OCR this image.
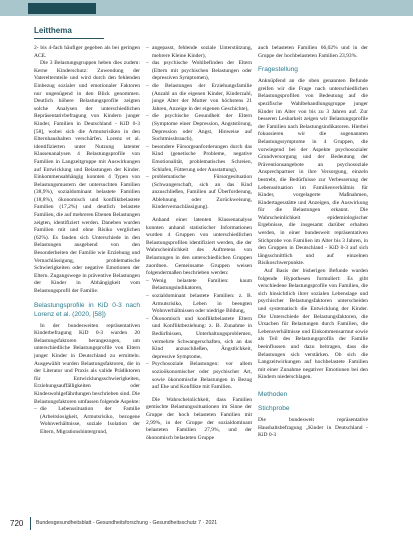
Leitthema

2- bis 4-fach häufiger gegeben als bei geringen ACE.

Die 3 Belastungsgruppen heben dies zudem: Kerne Kinderschutz: Zuwendung der Vaterelternteile und wird durch den fehlenden Einbezug sozialer und emotionaler Faktoren nur ungenügend in den Blick genommen. Deutlich höhere Belastungsprofile zeigten solche Analysen der unterschiedlichen Repräsentativbefragung von Kindern junger Kinder, Familien in Deutschland - KiD 0-3 [58], wobei sich die Armutsrisiken in den Elternhaushalten verschärfen. Lorenz et al. identifizierten unter Nutzung latenter Klassenanalysen 4 Belastungsprofile von Familien in Langzeitgruppe mit Auswirkungen auf Entwicklung und Belastungen der Kinder. Einkommensabhängig konnten 4 Typen von Belastungsmustern der untersuchten Familien (38,9%), sozialdominant belastete Familien (18,8%), ökonomisch und konfliktbelastete Familien (17,2%) und deutlich belastete Familien, die auf mehreren Ebenen Belastungen zeigten, identifiziert werden. Daneben wurden Familien mit und ohne Risiko verglichen (62%). Es fanden sich Unterschiede in den Belastungen ausgehend von den Besonderheiten der Familie wie Erziehung und Vernachlässigung, problematische Schwierigkeiten oder negative Emotionen der Eltern. Zugangswege in präventive Belastungen der Kinder in Abhängigkeit vom Belastungsprofil der Familie.

Belastungsprofile in KiD 0-3 nach Lorenz et al. (2020, [58])

In der bundesweiten repräsentativen Kinderbefragung KiD 0-3 wurden 20 Belastungsfaktoren herangezogen, um unterschiedliche Belastungsprofile von Eltern junger Kinder in Deutschland zu ermitteln. Ausgewählt wurden Belastungsfaktoren, die in der Literatur und Praxis als valide Prädiktoren für Entwicklungsschwierigkeiten, Erziehungsauffälligkeiten oder Kindeswohlgefährdungen beschrieben sind. Die Belastungsfaktoren umfassen folgende Aspekte:

– die Lebenssituation der Familie (Arbeitslosigkeit, Armutsrisiko, bezogene Wohnverhältnisse, soziale Isolation der Eltern, Migrationshintergrund,
– angepasst, fehlende soziale Unterstützung, mehrere Kleine Kinder),
– das psychische Wohlbefinden der Eltern (Eltern mit psychischen Belastungen oder depressiven Symptomen),
– die Belastungen der Erziehungsfamilie (Anzahl an die eigenen Kinder, Kinderzahl, junge Alter der Mutter von höchstens 21 Jahren, Anzeige in der eigenen Geschichte),
– die psychische Gesundheit der Eltern (Symptome einer Depression, Angststörung, Depression oder Angst, Hinweise auf Suchtmissbrauch),
– besondere Fürsorgeanforderungen durch das Kind (genetische Probleme, negative Emotionalität, problematisches Schreien, Schlafen, Fütterung oder Ausstattung),
– problematische Fürsorgesituation (Schwangerschaft, sich an das Kind anzuschließen, Familien auf Überforderung, Ablehnung oder Zurückweisung, Kindervernachlässigung).

Anhand einer latenten Klassenanalyse konnten anhand statistischer Informationen wurden 4 Gruppen von unterschiedlichen Belastungsprofilen identifiziert werden, die der Wahrscheinlichkeit des Auftretens von Belastungen in den unterschiedlichen Gruppen zuordnen. Gemeinsame Gruppen weisen folgendermaßen beschrieben werden:

– Wenig belastete Familien: kaum Belastungsindikatoren,
– sozialdominant belastete Familien: z. B. Armutsrisiko, Leben in beengten Wohnverhältnissen oder niedrige Bildung,
– Ökonomisch und konfliktbelastete Eltern und Konfliktbeziehung: z. B. Zunahme in Bedürfnissen, Unterhaltungsproblemen, vermehrte Schwangerschaften, sich an das Kind anzuschließen, Ängstlichkeit, depressive Symptome,
– Psychosoziale Belastungen: vor allem sozioökonomischer oder psychischer Art, sowie ökonomische Belastungen in Bezug auf Ehe und Konflikte mit Familien.

Die Wahrscheinlichkeit, dass Familien gemischte Belastungssituationen im Sinne der Gruppe der hoch belasteten Familien mit 2,99%, in der Gruppe der sozialdominant belasteten Familien 27,9%, und der ökonomisch belasteten Gruppe

auch belasteten Familien 66,02% und in der Gruppe der hochbelasteten Familien 23,93%.

Fragestellung

Anknüpfend an die oben genannten Befunde greifen wir die Frage nach unterschiedlichen Belastungsprofilen von Bedeutung auf die spezifische Wahlbehandlungsgruppe junger Kinder im Alter von bis zu 3 Jahren auf. Zur besseren Lesbarkeit zeigen wir Belastungsprofile der Familien nach Belastungsindikatoren. Hierbei fokussieren wir die sogenannten Belastungssymptome in 4 Gruppen, die vorwiegend bei der Aspekte psychosozialer Grundversorgung und der Bedeutung der Präventionsangebote an psychosoziale Ansprechpartner in ihre Versorgung, einzeln bestrebt, die Bedürfnisse zur Verbesserung der Lebenssituation im Familienverhältnis für Kinder, vorgelagerte Maßnahmen, Kindertagesstätte und Anzeigen, die Auswirkung für die Belastungen erkannt. Die Wahrscheinlichkeit epidemiologischer Ergebnisse, die insgesamt darüber erhalten werden, in einer bundesweit repräsentativen Stichprobe von Familien im Alter bis 3 Jahren, in den Gruppen in Deutschland - KiD 0-3 auf sich längsschnittlich und auf einzelnen Risikoschwerpunkte.

Auf Basis der bisherigen Befunde wurden folgende Hypothesen formuliert: Es gibt verschiedene Belastungsprofile von Familien, die sich hinsichtlich ihrer sozialen Lebenslage und psychischer Belastungsfaktoren unterscheiden und systematisch die Entwicklung der Kinder. Die Unterschiede der Belastungsfaktoren, die Ursachen für Belastungen durch Familien, die Lebensverhältnisse und Einkommensarmut sowie als Teil des Belastungsprofils der Familie beeinflussen und dazu beitragen, dass die Belastungen sich verstärken. Ob sich die Langzeitwirkungen auf hochbelastete Familien mit einer Zunahme negativer Emotionen bei den Kindern niederschlagen.

Methoden
Stichprobe

Die bundesweit repräsentative Haushaltsbefragung „Kinder in Deutschland - KiD 0-3

720 Bundesgesundheitsblatt - Gesundheitsforschung - Gesundheitsschutz 7 · 2021
